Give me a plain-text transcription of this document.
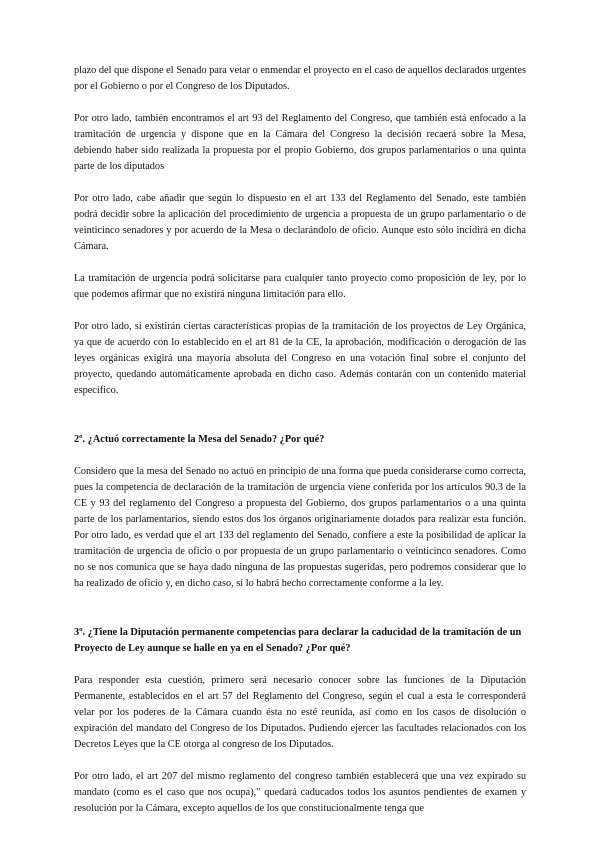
plazo del que dispone el Senado para vetar o enmendar el proyecto en el caso de aquellos declarados urgentes por el Gobierno o por el Congreso de los Diputados.

Por otro lado, también encontramos el art 93 del Reglamento del Congreso, que también está enfocado a la tramitación de urgencia y dispone que en la Cámara del Congreso la decisión recaerá sobre la Mesa, debiendo haber sido realizada la propuesta por el propio Gobierno, dos grupos parlamentarios o una quinta parte de los diputados

Por otro lado, cabe añadir que según lo dispuesto en el art 133 del Reglamento del Senado, este también podrá decidir sobre la aplicación del procedimiento de urgencia a propuesta de un grupo parlamentario o de veinticinco senadores y por acuerdo de la Mesa o declarándolo de oficio. Aunque esto sólo incidirá en dicha Cámara.

La tramitación de urgencia podrá solicitarse para cualquier tanto proyecto como proposición de ley, por lo que podemos afirmar que no existirá ninguna limitación para ello.

Por otro lado, si existirán ciertas características propias de la tramitación de los proyectos de Ley Orgánica, ya que de acuerdo con lo establecido en el art 81 de la CE, la aprobación, modificación o derogación de las leyes orgánicas exigirá una mayoría absoluta del Congreso en una votación final sobre el conjunto del proyecto, quedando automáticamente aprobada en dicho caso. Además contarán con un contenido material específico.

2º. ¿Actuó correctamente la Mesa del Senado? ¿Por qué?

Considero que la mesa del Senado no actuó en principio de una forma que pueda considerarse como correcta, pues la competencia de declaración de la tramitación de urgencia viene conferida por los artículos 90.3 de la CE y 93 del reglamento del Congreso a propuesta del Gobierno, dos grupos parlamentarios o a una quinta parte de los parlamentarios, siendo estos dos los órganos originariamente dotados para realizar esta función. Por otro lado, es verdad que el art 133 del reglamento del Senado, confiere a este la posibilidad de aplicar la tramitación de urgencia de oficio o por propuesta de un grupo parlamentario o veinticinco senadores. Como no se nos comunica que se haya dado ninguna de las propuestas sugeridas, pero podremos considerar que lo ha realizado de oficio y, en dicho caso, sí lo habrá hecho correctamente conforme a la ley.

3º. ¿Tiene la Diputación permanente competencias para declarar la caducidad de la tramitación de un Proyecto de Ley aunque se halle en ya en el Senado? ¿Por qué?

Para responder esta cuestión, primero será necesario conocer sobre las funciones de la Diputación Permanente, establecidos en el art 57 del Reglamento del Congreso, según el cual a esta le corresponderá velar por los poderes de la Cámara cuando ésta no esté reunida, así como en los casos de disolución o expiración del mandato del Congreso de los Diputados. Pudiendo ejercer las facultades relacionados con los Decretos Leyes que la CE otorga al congreso de los Diputados.

Por otro lado, el art 207 del mismo reglamento del congreso también establecerá que una vez expirado su mandato (como es el caso que nos ocupa)," quedará caducados todos los asuntos pendientes de examen y resolución por la Cámara, excepto aquellos de los que constitucionalmente tenga que
